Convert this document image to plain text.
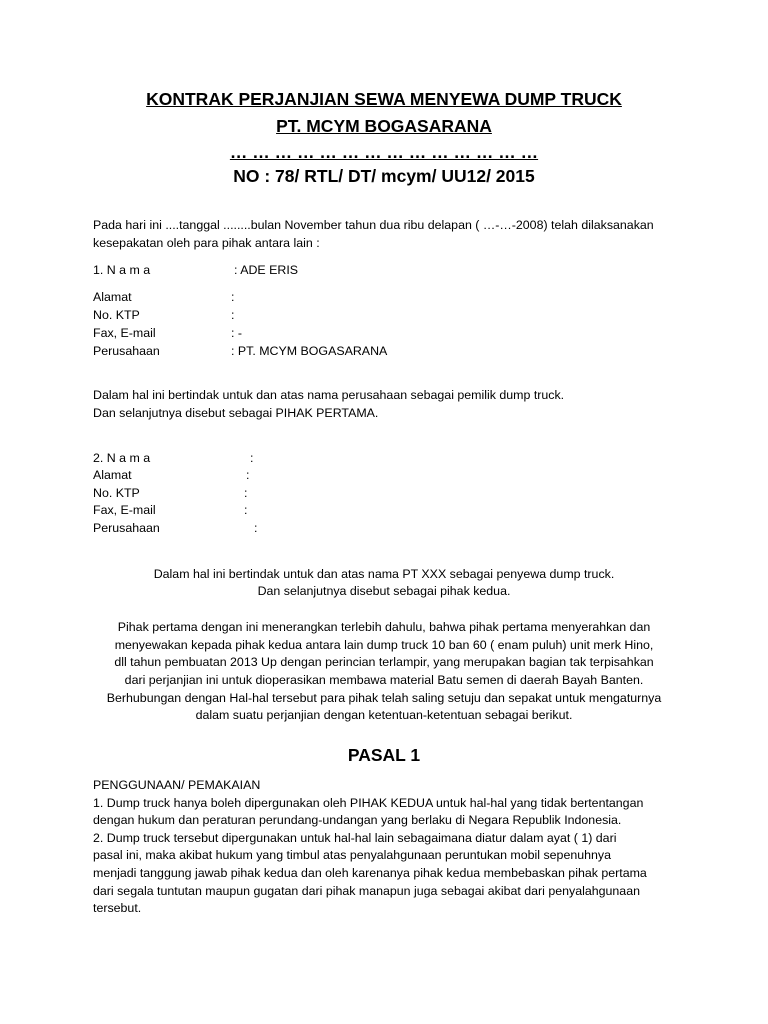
KONTRAK PERJANJIAN SEWA MENYEWA DUMP TRUCK
PT. MCYM BOGASARANA
… … … … … … … … … … … … … …
NO : 78/ RTL/ DT/ mcym/ UU12/ 2015
Pada hari ini ....tanggal ........bulan November tahun dua ribu delapan ( …-…-2008) telah dilaksanakan
kesepakatan oleh para pihak antara lain :
1. N a m a	: ADE ERIS
Alamat	:
No. KTP	:
Fax, E-mail	: -
Perusahaan	: PT. MCYM BOGASARANA
Dalam hal ini bertindak untuk dan atas nama perusahaan sebagai pemilik dump truck.
Dan selanjutnya disebut sebagai PIHAK PERTAMA.
2. N a m a	:
Alamat	:
No. KTP	:
Fax, E-mail	:
Perusahaan	:
Dalam hal ini bertindak untuk dan atas nama PT XXX sebagai penyewa dump truck.
Dan selanjutnya disebut sebagai pihak kedua.
Pihak pertama dengan ini menerangkan terlebih dahulu, bahwa pihak pertama menyerahkan dan
menyewakan kepada pihak kedua antara lain dump truck 10 ban 60 ( enam puluh) unit merk Hino,
dll tahun pembuatan 2013 Up dengan perincian terlampir, yang merupakan bagian tak terpisahkan
dari perjanjian ini untuk dioperasikan membawa material Batu semen di daerah Bayah Banten.
Berhubungan dengan Hal-hal tersebut para pihak telah saling setuju dan sepakat untuk mengaturnya
dalam suatu perjanjian dengan ketentuan-ketentuan sebagai berikut.
PASAL 1
PENGGUNAAN/ PEMAKAIAN
1. Dump truck hanya boleh dipergunakan oleh PIHAK KEDUA untuk hal-hal yang tidak bertentangan
dengan hukum dan peraturan perundang-undangan yang berlaku di Negara Republik Indonesia.
2. Dump truck tersebut dipergunakan untuk hal-hal lain sebagaimana diatur dalam ayat ( 1) dari
pasal ini, maka akibat hukum yang timbul atas penyalahgunaan peruntukan mobil sepenuhnya
menjadi tanggung jawab pihak kedua dan oleh karenanya pihak kedua membebaskan pihak pertama
dari segala tuntutan maupun gugatan dari pihak manapun juga sebagai akibat dari penyalahgunaan
tersebut.
